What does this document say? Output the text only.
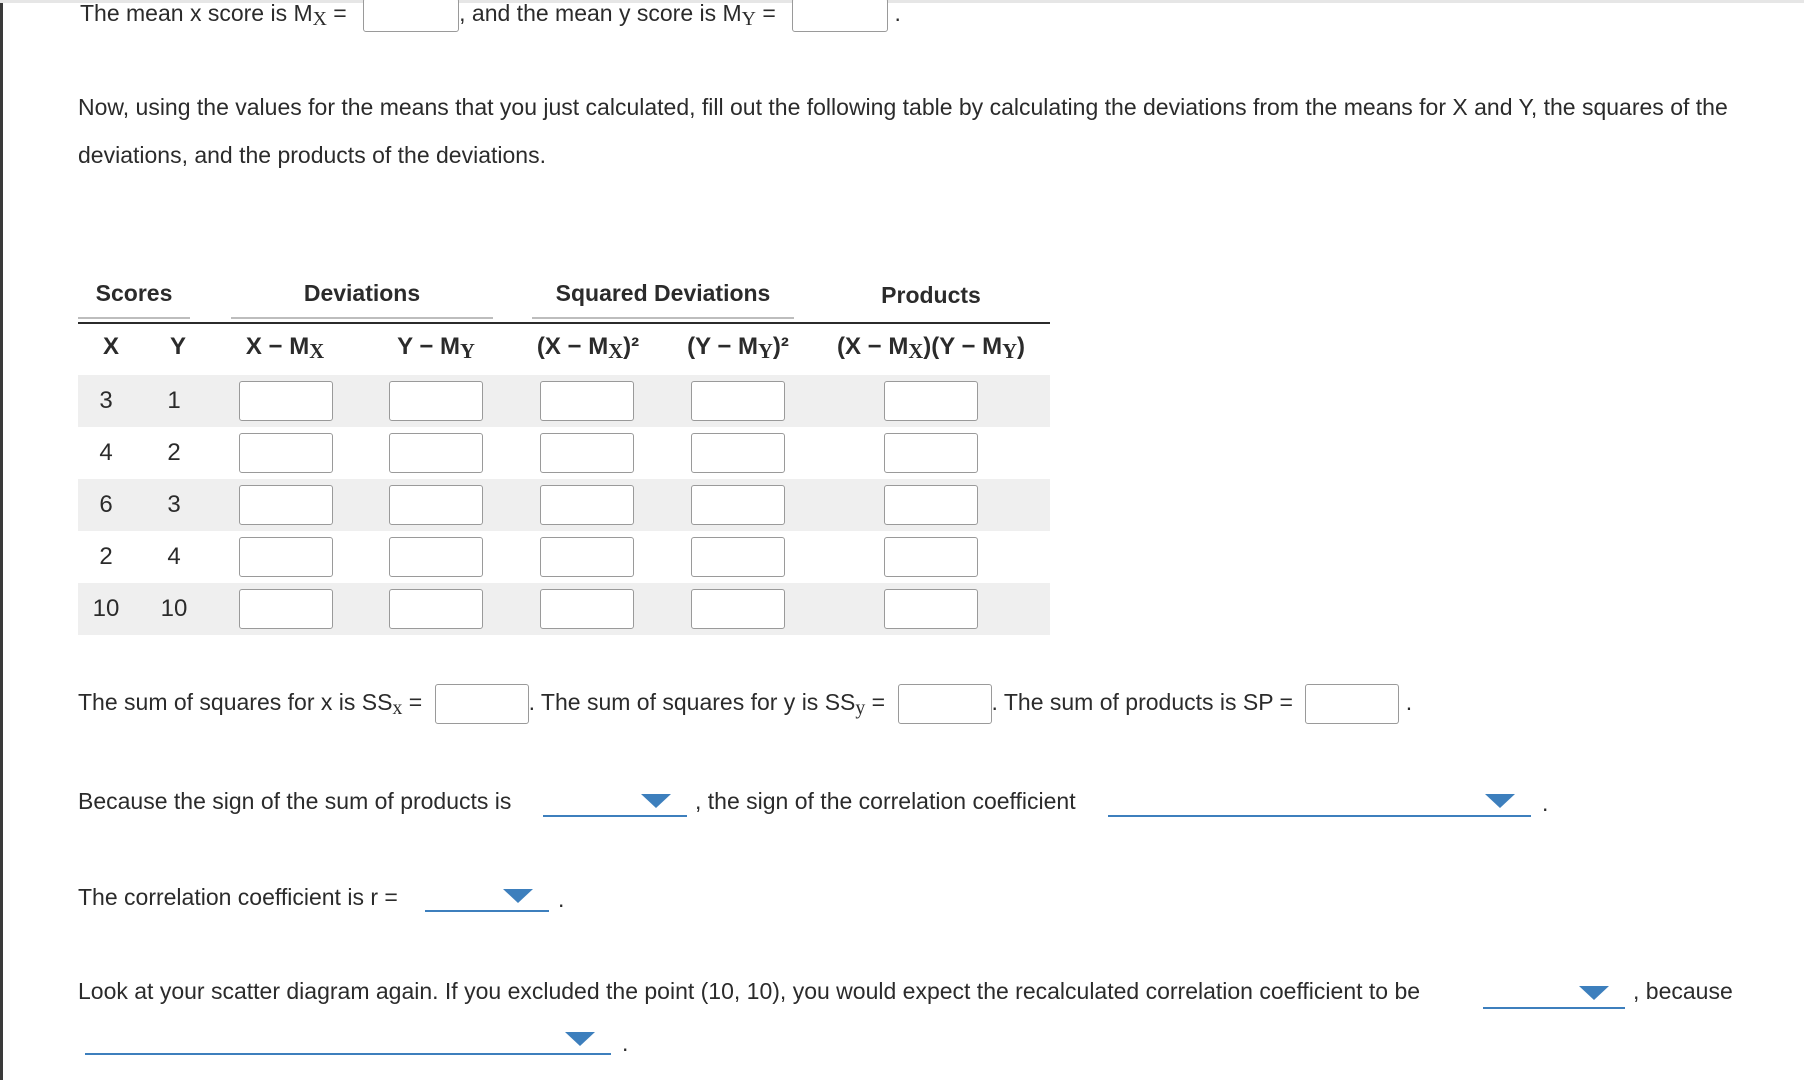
The mean x score is MX =	, and the mean y score is MY =	.
Now, using the values for the means that you just calculated, fill out the following table by calculating the deviations from the means for X and Y, the squares of the
deviations, and the products of the deviations.
Scores	Deviations	Squared Deviations	Products
X	Y	X − MX	Y − MY	(X − MX)²	(Y − MY)²	(X − MX)(Y − MY)
3	1
4	2
6	3
2	4
10 10
The sum of squares for x is SSx =	. The sum of squares for y is SSy =	. The sum of products is SP =	.
Because the sign of the sum of products is	, the sign of the correlation coefficient	.
The correlation coefficient is r =	.
Look at your scatter diagram again. If you excluded the point (10, 10), you would expect the recalculated correlation coefficient to be	, because
.
